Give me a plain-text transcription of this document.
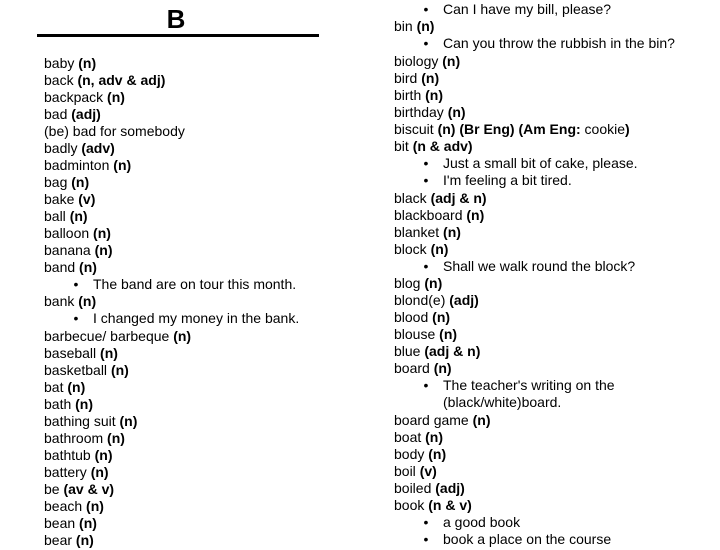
B
baby (n)
back (n, adv & adj)
backpack (n)
bad (adj)
(be) bad for somebody
badly (adv)
badminton (n)
bag (n)
bake (v)
ball (n)
balloon (n)
banana (n)
band (n)
•	The band are on tour this month.
bank (n)
•	I changed my money in the bank.
barbecue/ barbeque (n)
baseball (n)
basketball (n)
bat (n)
bath (n)
bathing suit (n)
bathroom (n)
bathtub (n)
battery (n)
be (av & v)
beach (n)
bean (n)
bear (n)
•	Can I have my bill, please?
bin (n)
•	Can you throw the rubbish in the bin?
biology (n)
bird (n)
birth (n)
birthday (n)
biscuit (n) (Br Eng) (Am Eng: cookie)
bit (n & adv)
•	Just a small bit of cake, please.
•	I'm feeling a bit tired.
black (adj & n)
blackboard (n)
blanket (n)
block (n)
•	Shall we walk round the block?
blog (n)
blond(e) (adj)
blood (n)
blouse (n)
blue (adj & n)
board (n)
•	The teacher's writing on the (black/white)board.
board game (n)
boat (n)
body (n)
boil (v)
boiled (adj)
book (n & v)
•	a good book
•	book a place on the course
